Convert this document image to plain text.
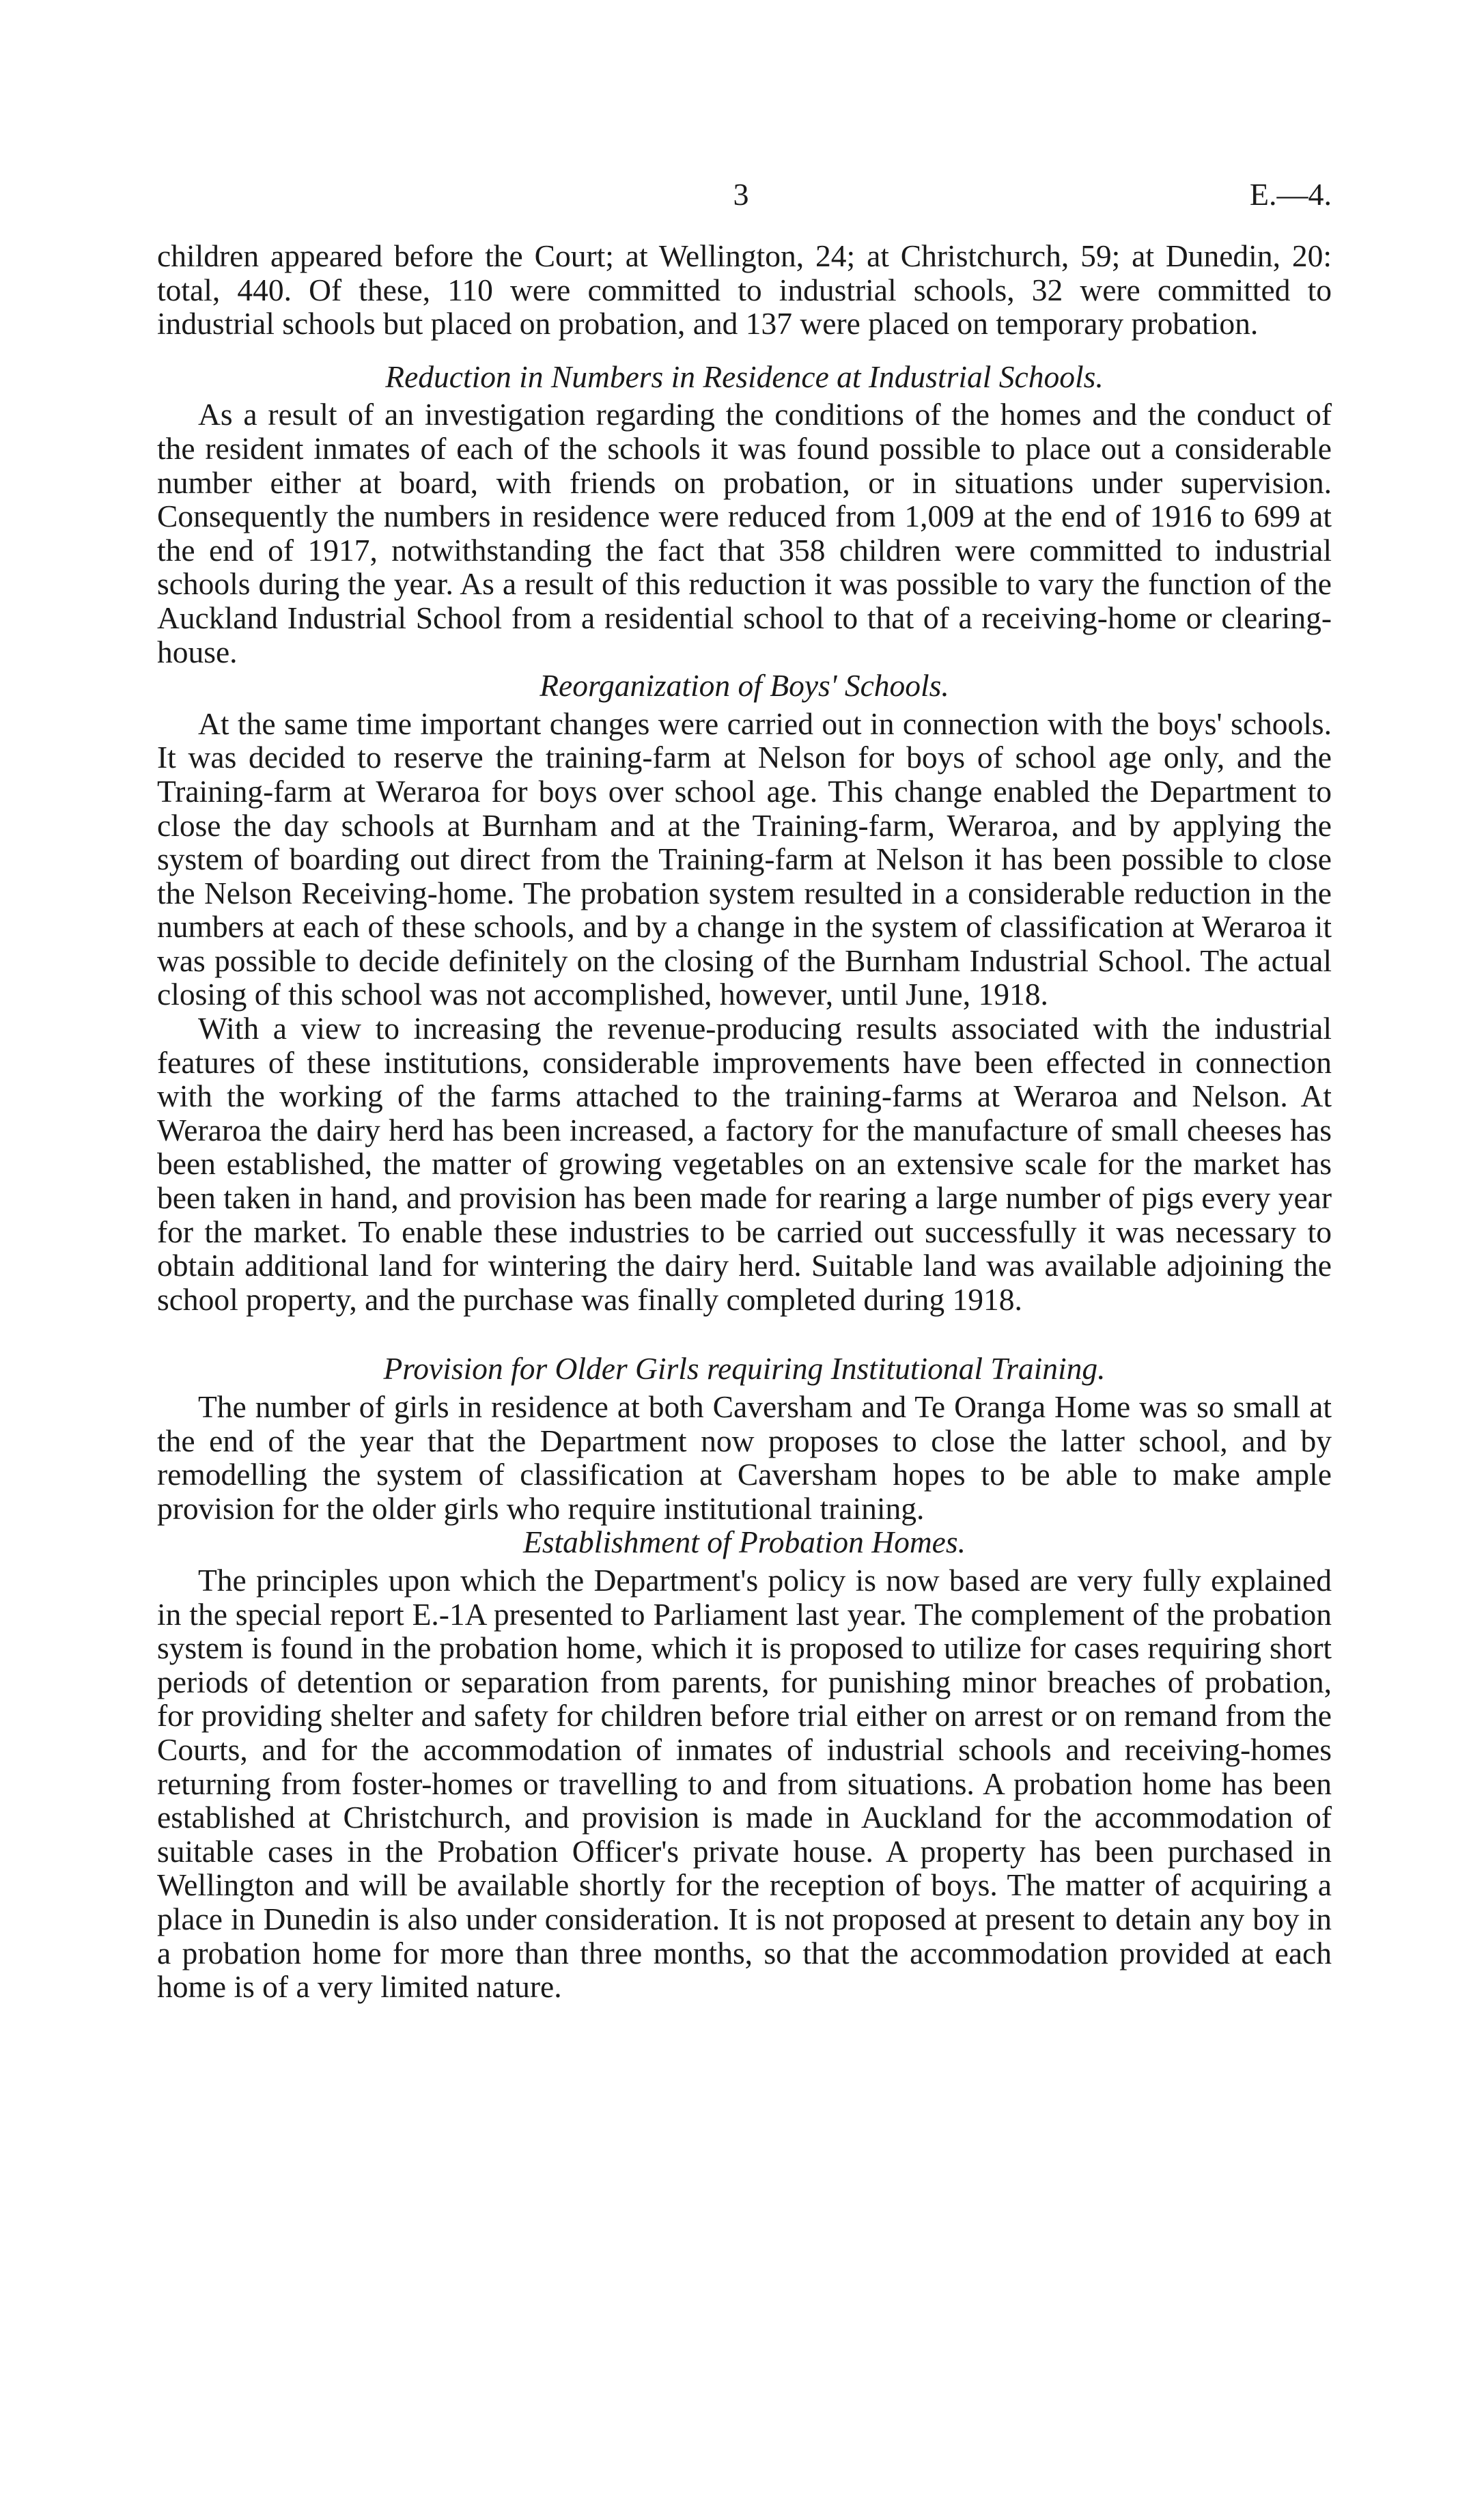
3	E.—4.

children appeared before the Court; at Wellington, 24; at Christchurch, 59; at Dunedin, 20: total, 440. Of these, 110 were committed to industrial schools, 32 were committed to industrial schools but placed on probation, and 137 were placed on temporary probation.

Reduction in Numbers in Residence at Industrial Schools.

As a result of an investigation regarding the conditions of the homes and the conduct of the resident inmates of each of the schools it was found possible to place out a considerable number either at board, with friends on probation, or in situations under supervision. Consequently the numbers in residence were reduced from 1,009 at the end of 1916 to 699 at the end of 1917, notwithstanding the fact that 358 children were committed to industrial schools during the year. As a result of this reduction it was possible to vary the function of the Auckland Industrial School from a residential school to that of a receiving-home or clearing-house.

Reorganization of Boys' Schools.

At the same time important changes were carried out in connection with the boys' schools. It was decided to reserve the training-farm at Nelson for boys of school age only, and the Training-farm at Weraroa for boys over school age. This change enabled the Department to close the day schools at Burnham and at the Training-farm, Weraroa, and by applying the system of boarding out direct from the Training-farm at Nelson it has been possible to close the Nelson Receiving-home. The probation system resulted in a considerable reduction in the numbers at each of these schools, and by a change in the system of classification at Weraroa it was possible to decide definitely on the closing of the Burnham Industrial School. The actual closing of this school was not accomplished, however, until June, 1918.

With a view to increasing the revenue-producing results associated with the industrial features of these institutions, considerable improvements have been effected in connection with the working of the farms attached to the training-farms at Weraroa and Nelson. At Weraroa the dairy herd has been increased, a factory for the manufacture of small cheeses has been established, the matter of growing vegetables on an extensive scale for the market has been taken in hand, and provision has been made for rearing a large number of pigs every year for the market. To enable these industries to be carried out successfully it was necessary to obtain additional land for wintering the dairy herd. Suitable land was available adjoining the school property, and the purchase was finally completed during 1918.

Provision for Older Girls requiring Institutional Training.

The number of girls in residence at both Caversham and Te Oranga Home was so small at the end of the year that the Department now proposes to close the latter school, and by remodelling the system of classification at Caversham hopes to be able to make ample provision for the older girls who require institutional training.

Establishment of Probation Homes.

The principles upon which the Department's policy is now based are very fully explained in the special report E.-1A presented to Parliament last year. The complement of the probation system is found in the probation home, which it is proposed to utilize for cases requiring short periods of detention or separation from parents, for punishing minor breaches of probation, for providing shelter and safety for children before trial either on arrest or on remand from the Courts, and for the accommodation of inmates of industrial schools and receiving-homes returning from foster-homes or travelling to and from situations. A probation home has been established at Christchurch, and provision is made in Auckland for the accommodation of suitable cases in the Probation Officer's private house. A property has been purchased in Wellington and will be available shortly for the reception of boys. The matter of acquiring a place in Dunedin is also under consideration. It is not proposed at present to detain any boy in a probation home for more than three months, so that the accommodation provided at each home is of a very limited nature.
